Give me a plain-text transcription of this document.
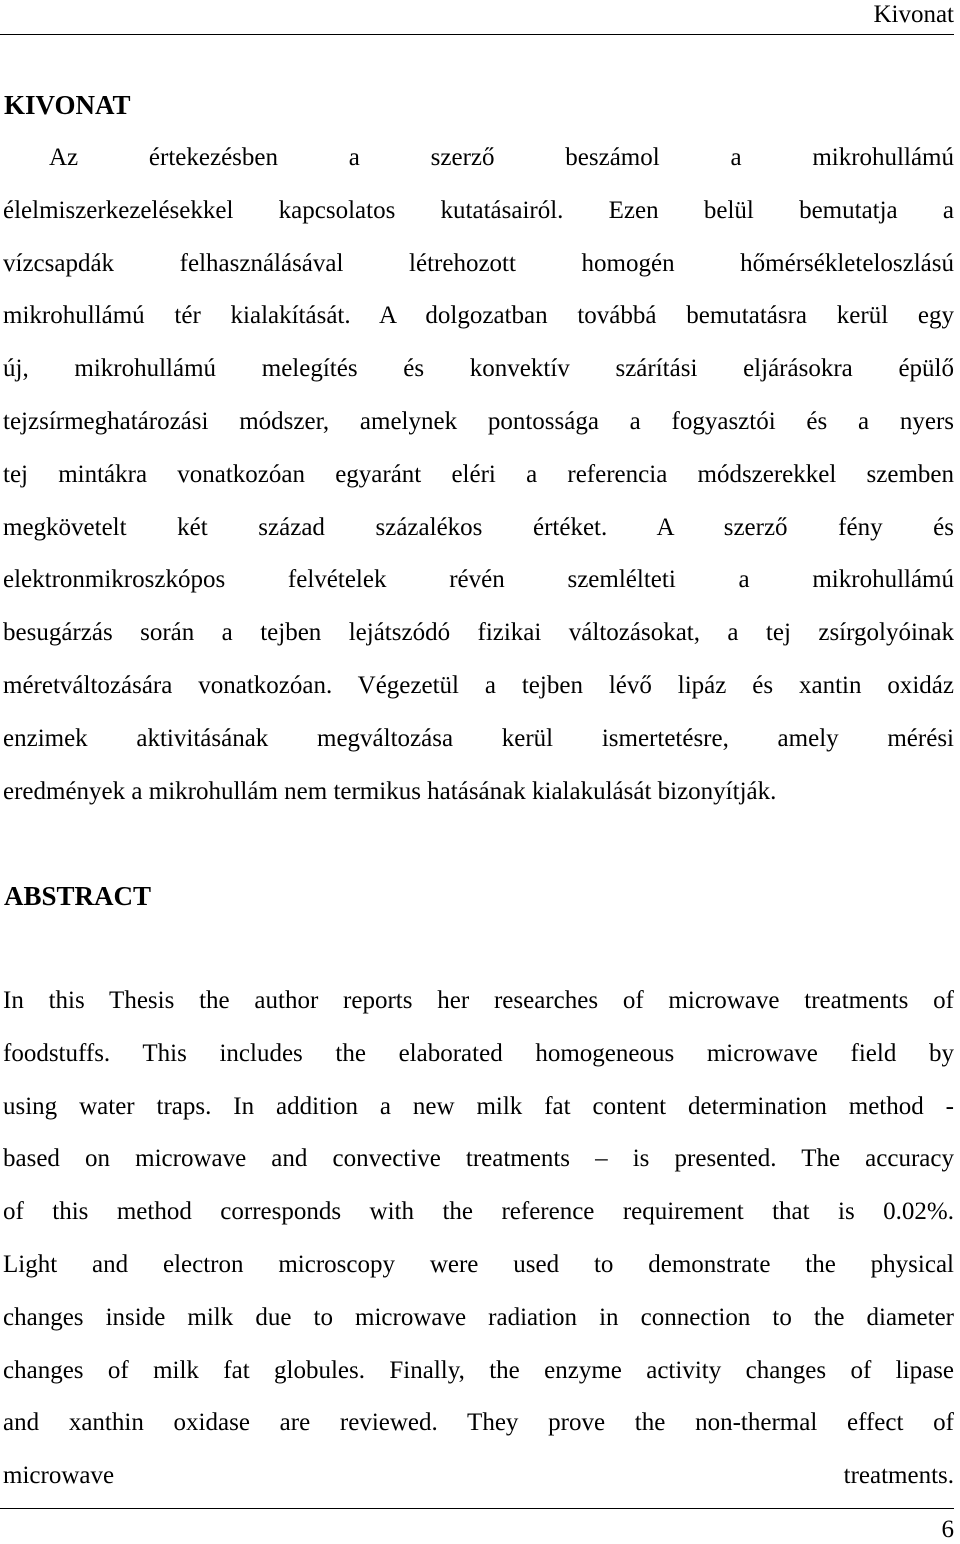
Kivonat
KIVONAT
Az értekezésben a szerző beszámol a mikrohullámú
élelmiszerkezelésekkel kapcsolatos kutatásairól. Ezen belül bemutatja a
vízcsapdák felhasználásával létrehozott homogén hőmérsékleteloszlású
mikrohullámú tér kialakítását. A dolgozatban továbbá bemutatásra kerül egy
új, mikrohullámú melegítés és konvektív szárítási eljárásokra épülő
tejzsírmeghatározási módszer, amelynek pontossága a fogyasztói és a nyers
tej mintákra vonatkozóan egyaránt eléri a referencia módszerekkel szemben
megkövetelt két század százalékos értéket. A szerző fény és
elektronmikroszkópos felvételek révén szemlélteti a mikrohullámú
besugárzás során a tejben lejátszódó fizikai változásokat, a tej zsírgolyóinak
méretváltozására vonatkozóan. Végezetül a tejben lévő lipáz és xantin oxidáz
enzimek aktivitásának megváltozása kerül ismertetésre, amely mérési
eredmények a mikrohullám nem termikus hatásának kialakulását bizonyítják.
ABSTRACT
In this Thesis the author reports her researches of microwave treatments of
foodstuffs. This includes the elaborated homogeneous microwave field by
using water traps. In addition a new milk fat content determination method -
based on microwave and convective treatments – is presented. The accuracy
of this method corresponds with the reference requirement that is 0.02%.
Light and electron microscopy were used to demonstrate the physical
changes inside milk due to microwave radiation in connection to the diameter
changes of milk fat globules. Finally, the enzyme activity changes of lipase
and xanthin oxidase are reviewed. They prove the non-thermal effect of
microwave treatments.
6
